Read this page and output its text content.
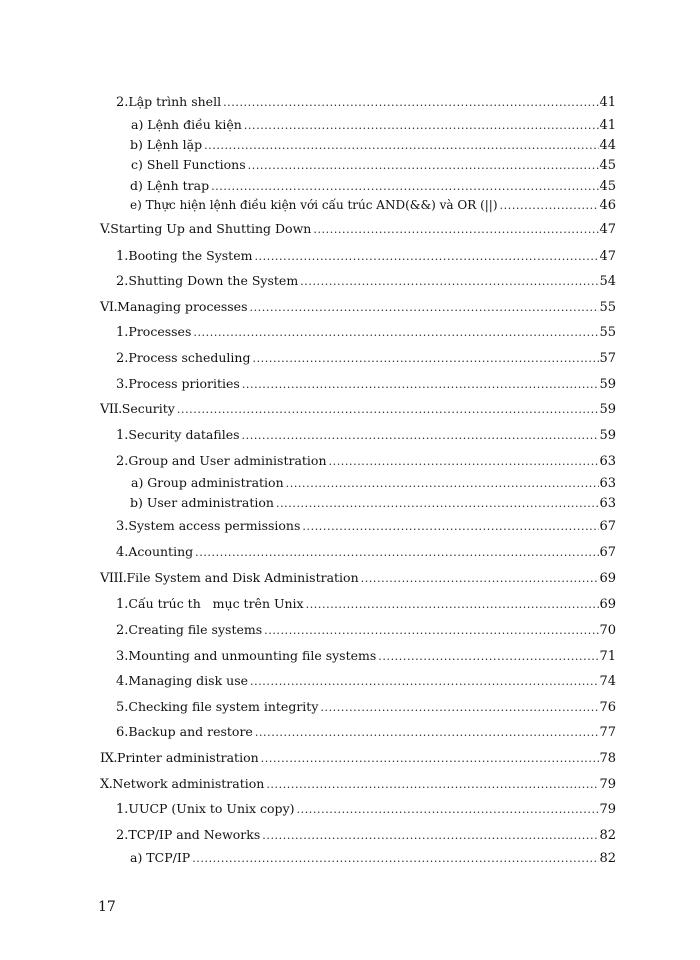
2. Lập trình shell .....	41
a) Lệnh điều kiện .....	41
b) Lệnh lặp .....	44
c) Shell Functions .....	45
d) Lệnh trap .....	45
e) Thực hiện lệnh điều kiện với cấu trúc AND(&&) và OR (||) .....	46
V. Starting Up and Shutting Down .....	47
1. Booting the System .....	47
2. Shutting Down the System .....	54
VI. Managing processes .....	55
1. Processes .....	55
2. Process scheduling .....	57
3. Process priorities .....	59
VII. Security .....	59
1. Security datafiles .....	59
2. Group and User administration .....	63
a) Group administration .....	63
b) User administration .....	63
3. System access permissions .....	67
4. Acounting .....	67
VIII. File System and Disk Administration .....	69
1. Cấu trúc th   mục trên Unix .....	69
2. Creating file systems .....	70
3. Mounting and unmounting file systems .....	71
4. Managing disk use .....	74
5. Checking file system integrity .....	76
6. Backup and restore .....	77
IX. Printer administration .....	78
X. Network administration .....	79
1. UUCP (Unix to Unix copy) .....	79
2. TCP/IP and Neworks .....	82
a) TCP/IP .....	82
17
